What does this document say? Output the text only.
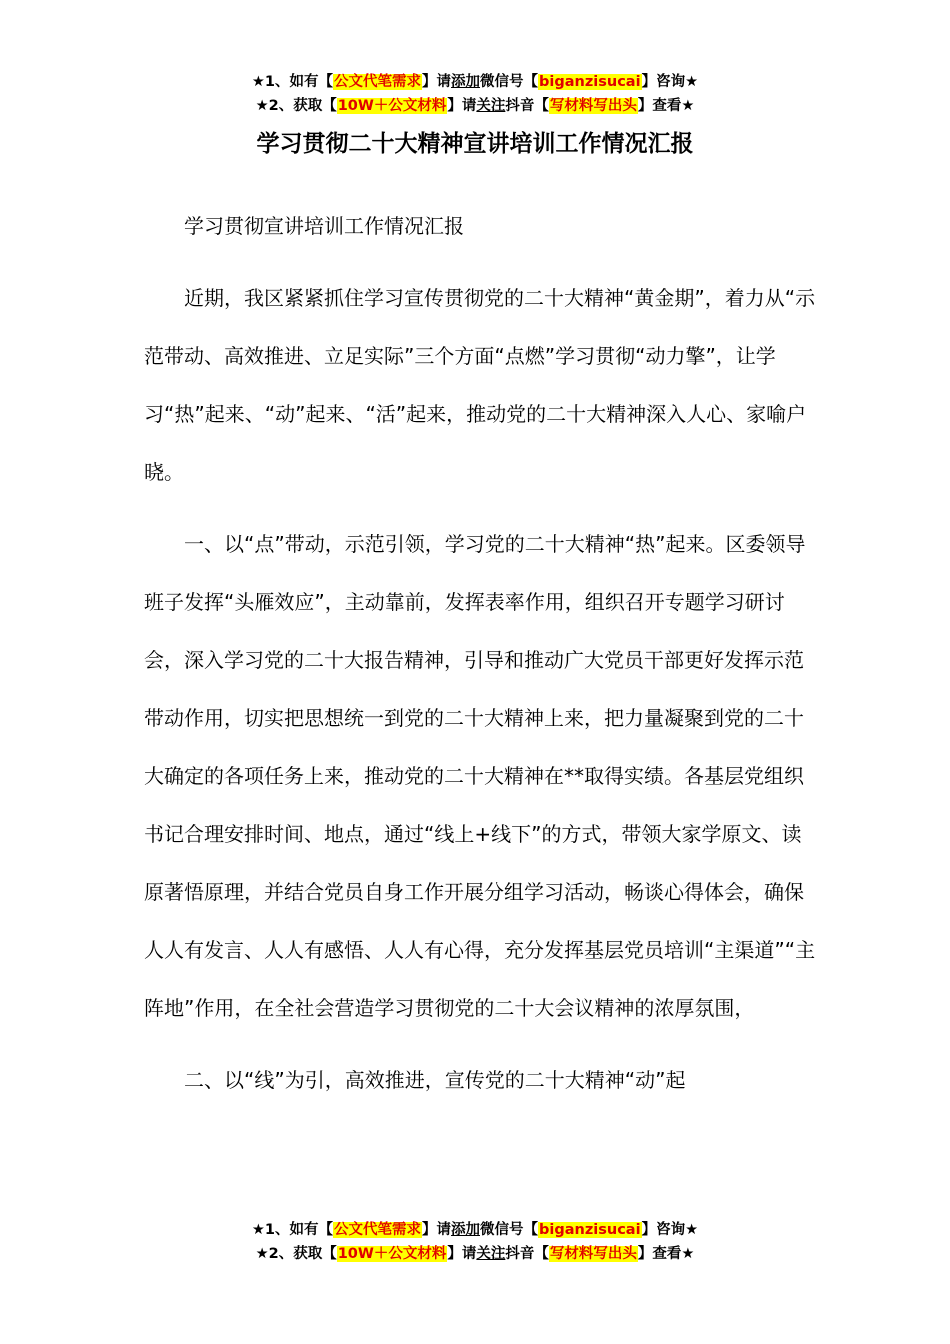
★1、如有【公文代笔需求】请添加微信号【biganzisucai】咨询★
★2、获取【10W＋公文材料】请关注抖音【写材料写出头】查看★
学习贯彻二十大精神宣讲培训工作情况汇报

学习贯彻宣讲培训工作情况汇报

近期，我区紧紧抓住学习宣传贯彻党的二十大精神“黄金期”，着力从“示范带动、高效推进、立足实际”三个方面“点燃”学习贯彻“动力擎”，让学习“热”起来、“动”起来、“活”起来，推动党的二十大精神深入人心、家喻户晓。

一、以“点”带动，示范引领，学习党的二十大精神“热”起来。区委领导班子发挥“头雁效应”，主动靠前，发挥表率作用，组织召开专题学习研讨会，深入学习党的二十大报告精神，引导和推动广大党员干部更好发挥示范带动作用，切实把思想统一到党的二十大精神上来，把力量凝聚到党的二十大确定的各项任务上来，推动党的二十大精神在**取得实绩。各基层党组织书记合理安排时间、地点，通过“线上+线下”的方式，带领大家学原文、读原著悟原理，并结合党员自身工作开展分组学习活动，畅谈心得体会，确保人人有发言、人人有感悟、人人有心得，充分发挥基层党员培训“主渠道”“主阵地”作用，在全社会营造学习贯彻党的二十大会议精神的浓厚氛围，

二、以“线”为引，高效推进，宣传党的二十大精神“动”起

★1、如有【公文代笔需求】请添加微信号【biganzisucai】咨询★
★2、获取【10W＋公文材料】请关注抖音【写材料写出头】查看★
